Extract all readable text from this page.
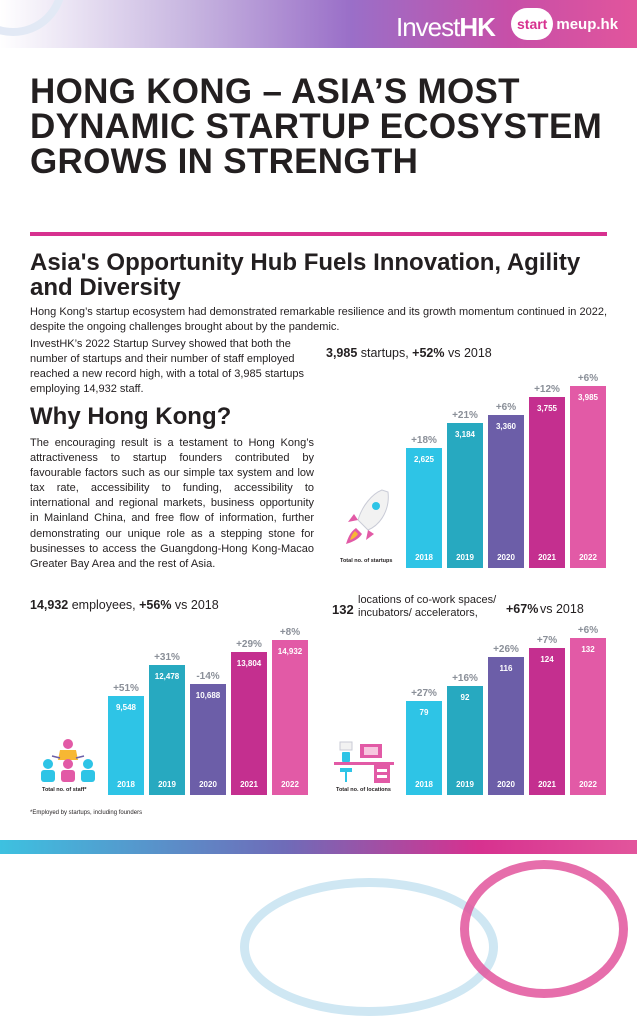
InvestHK	start meup.hk
HONG KONG – ASIA’S MOST DYNAMIC STARTUP ECOSYSTEM GROWS IN STRENGTH
Asia's Opportunity Hub Fuels Innovation, Agility and Diversity

Hong Kong’s startup ecosystem had demonstrated remarkable resilience and its growth momentum continued in 2022, despite the ongoing challenges brought about by the pandemic.

InvestHK’s 2022 Startup Survey showed that both the number of startups and their number of staff employed reached a new record high, with a total of 3,985 startups employing 14,932 staff.

Why Hong Kong?

The encouraging result is a testament to Hong Kong’s attractiveness to startup founders contributed by favourable factors such as our simple tax system and low tax rate, accessibility to funding, accessibility to international and regional markets, business opportunity in Mainland China, and free flow of information, further demonstrating our unique role as a stepping stone for businesses to access the Guangdong-Hong Kong-Macao Greater Bay Area and the rest of Asia.

3,985 startups, +52% vs 2018
Total no. of startups
2,625
2018
+18%
3,184
2019
+21%
3,360
2020
+6%	3,755
2021
+12%
3,985
2022
+6%
14,932 employees, +56% vs 2018
Total no. of staff*
9,548
2018
+51%
12,478
2019
+31%
10,688
2020
-14%
13,804
2021
+29%
14,932
2022
+8%
132
locations of co-work spaces/ incubators/ accelerators,	+67% vs 2018
Total no. of locations
79
2018
+27%	92
2019
+16%
116
2020
+26%
124
2021
+7%
132
2022
+6%
*Employed by startups, including founders
